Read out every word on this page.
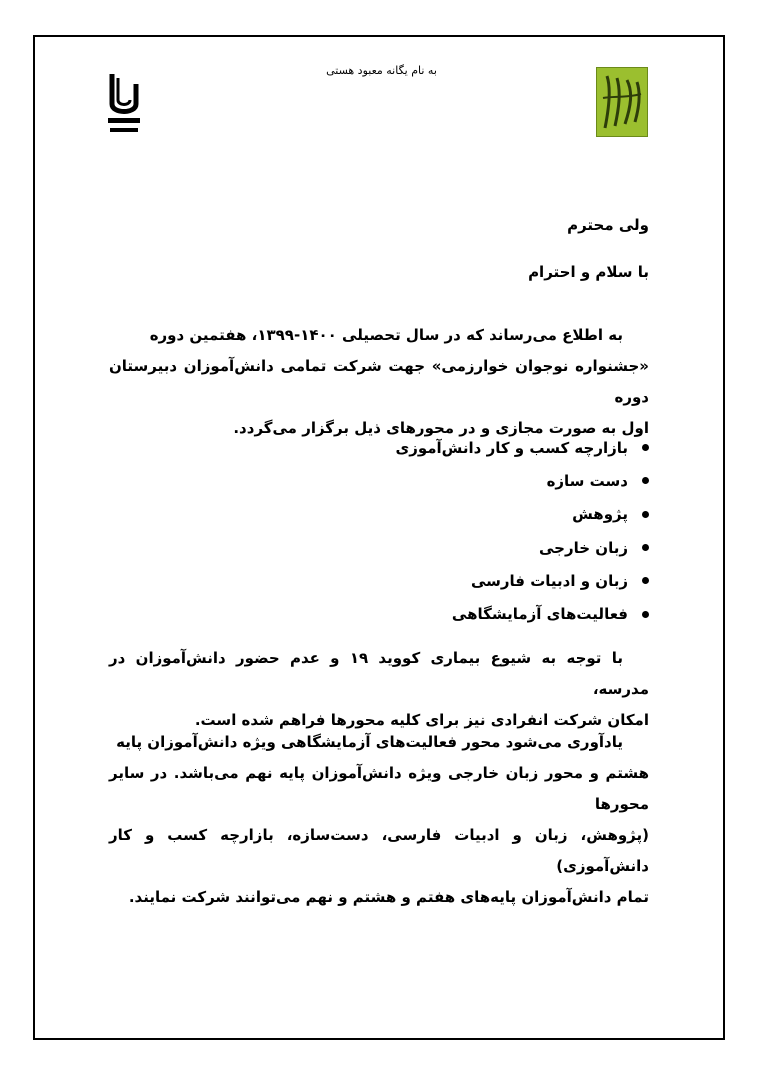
به نام یگانه معبود هستی
ولی محترم
با سلام و احترام

به اطلاع می‌رساند که در سال تحصیلی ۱۴۰۰-۱۳۹۹، هفتمین دوره

«جشنواره نوجوان خوارزمی» جهت شرکت تمامی دانش‌آموزان دبیرستان دوره

اول به صورت مجازی و در محورهای ذیل برگزار می‌گردد.

بازارچه کسب و کار دانش‌آموزی
دست سازه
پژوهش
زبان خارجی
زبان و ادبیات فارسی
فعالیت‌های آزمایشگاهی

با توجه به شیوع بیماری کووید ۱۹ و عدم حضور دانش‌آموزان در مدرسه،

امکان شرکت انفرادی نیز برای کلیه محورها فراهم شده است.

یادآوری می‌شود محور فعالیت‌های آزمایشگاهی ویژه دانش‌آموزان پایه

هشتم و محور زبان خارجی ویژه دانش‌آموزان پایه نهم می‌باشد. در سایر محورها

(پژوهش، زبان و ادبیات فارسی، دست‌سازه، بازارچه کسب و کار دانش‌آموزی)

تمام دانش‌آموزان پایه‌های هفتم و هشتم و نهم می‌توانند شرکت نمایند.
